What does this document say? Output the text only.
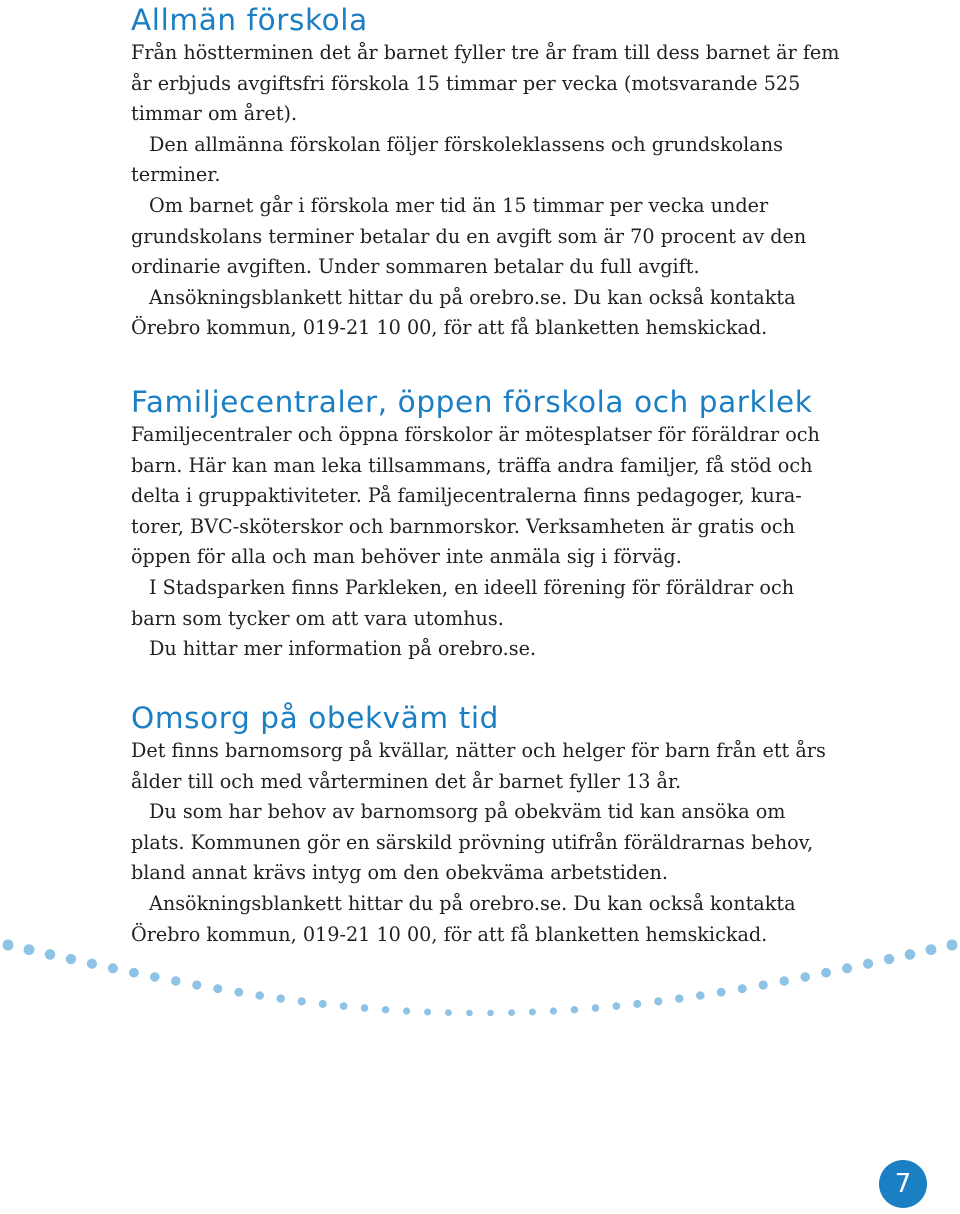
Allmän förskola

Från höstterminen det år barnet fyller tre år fram till dess barnet är fem
år erbjuds avgiftsfri förskola 15 timmar per vecka (motsvarande 525
timmar om året).
Den allmänna förskolan följer förskoleklassens och grundskolans
terminer.
Om barnet går i förskola mer tid än 15 timmar per vecka under
grundskolans terminer betalar du en avgift som är 70 procent av den
ordinarie avgiften. Under sommaren betalar du full avgift.
Ansökningsblankett hittar du på orebro.se. Du kan också kontakta
Örebro kommun, 019-21 10 00, för att få blanketten hemskickad.

Familjecentraler, öppen förskola och parklek

Familjecentraler och öppna förskolor är mötesplatser för föräldrar och
barn. Här kan man leka tillsammans, träffa andra familjer, få stöd och
delta i gruppaktiviteter. På familjecentralerna finns pedagoger, kura-
torer, BVC-sköterskor och barnmorskor. Verksamheten är gratis och
öppen för alla och man behöver inte anmäla sig i förväg.
I Stadsparken finns Parkleken, en ideell förening för föräldrar och
barn som tycker om att vara utomhus.
Du hittar mer information på orebro.se.

Omsorg på obekväm tid

Det finns barnomsorg på kvällar, nätter och helger för barn från ett års
ålder till och med vårterminen det år barnet fyller 13 år.
Du som har behov av barnomsorg på obekväm tid kan ansöka om
plats. Kommunen gör en särskild prövning utifrån föräldrarnas behov,
bland annat krävs intyg om den obekväma arbetstiden.
Ansökningsblankett hittar du på orebro.se. Du kan också kontakta
Örebro kommun, 019-21 10 00, för att få blanketten hemskickad.

7
